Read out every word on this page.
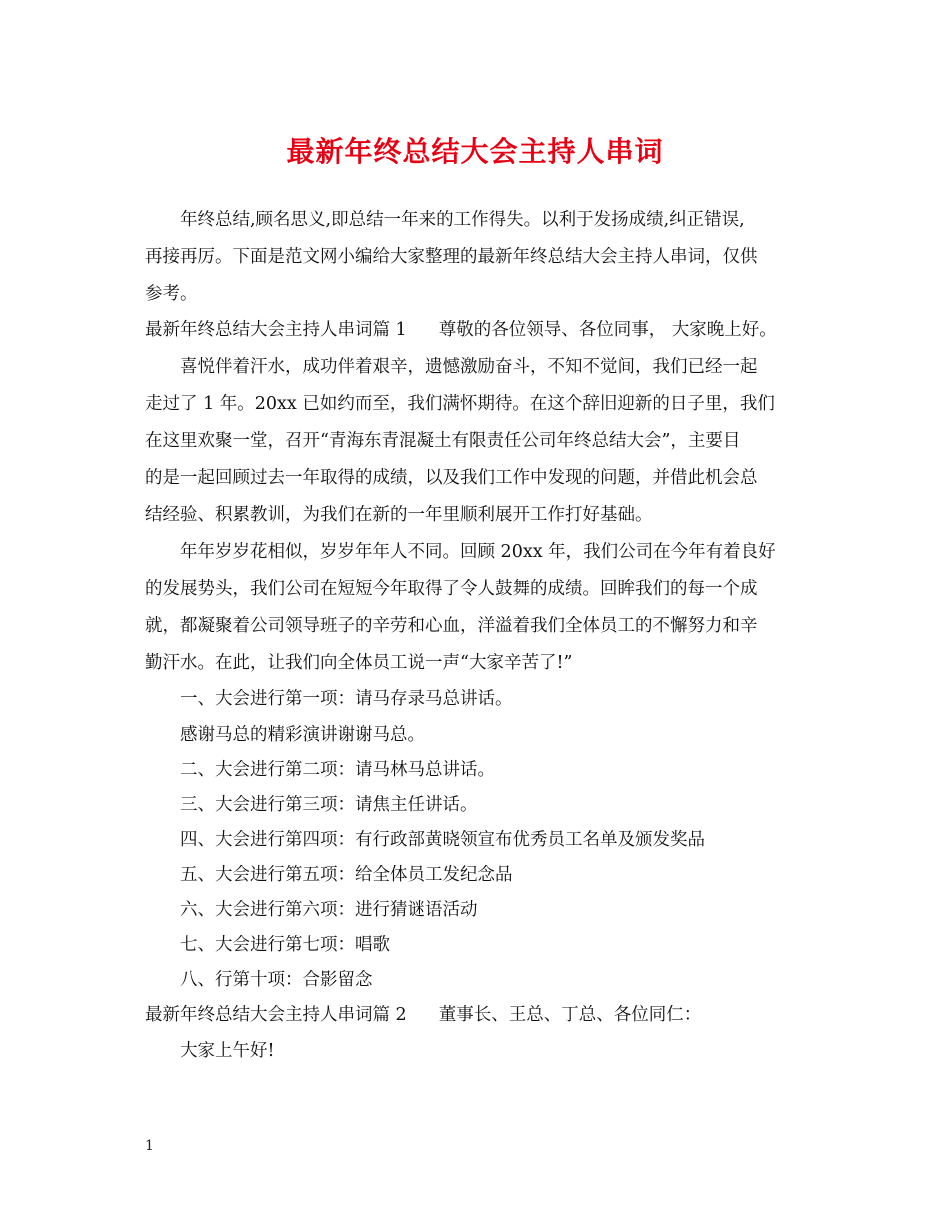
最新年终总结大会主持人串词
年终总结,顾名思义,即总结一年来的工作得失。以利于发扬成绩,纠正错误,
再接再厉。下面是范文网小编给大家整理的最新年终总结大会主持人串词，仅供
参考。
最新年终总结大会主持人串词篇 1 尊敬的各位领导、各位同事， 大家晚上好。
喜悦伴着汗水，成功伴着艰辛，遗憾激励奋斗，不知不觉间，我们已经一起
走过了 1 年。20xx 已如约而至，我们满怀期待。在这个辞旧迎新的日子里，我们
在这里欢聚一堂，召开“青海东青混凝土有限责任公司年终总结大会”，主要目
的是一起回顾过去一年取得的成绩，以及我们工作中发现的问题，并借此机会总
结经验、积累教训，为我们在新的一年里顺利展开工作打好基础。
年年岁岁花相似，岁岁年年人不同。回顾 20xx 年，我们公司在今年有着良好
的发展势头，我们公司在短短今年取得了令人鼓舞的成绩。回眸我们的每一个成
就，都凝聚着公司领导班子的辛劳和心血，洋溢着我们全体员工的不懈努力和辛
勤汗水。在此，让我们向全体员工说一声“大家辛苦了!”
一、大会进行第一项：请马存录马总讲话。
感谢马总的精彩演讲谢谢马总。
二、大会进行第二项：请马林马总讲话。
三、大会进行第三项：请焦主任讲话。
四、大会进行第四项：有行政部黄晓领宣布优秀员工名单及颁发奖品
五、大会进行第五项：给全体员工发纪念品
六、大会进行第六项：进行猜谜语活动
七、大会进行第七项：唱歌
八、行第十项：合影留念
最新年终总结大会主持人串词篇 2 董事长、王总、丁总、各位同仁：
大家上午好!
1
